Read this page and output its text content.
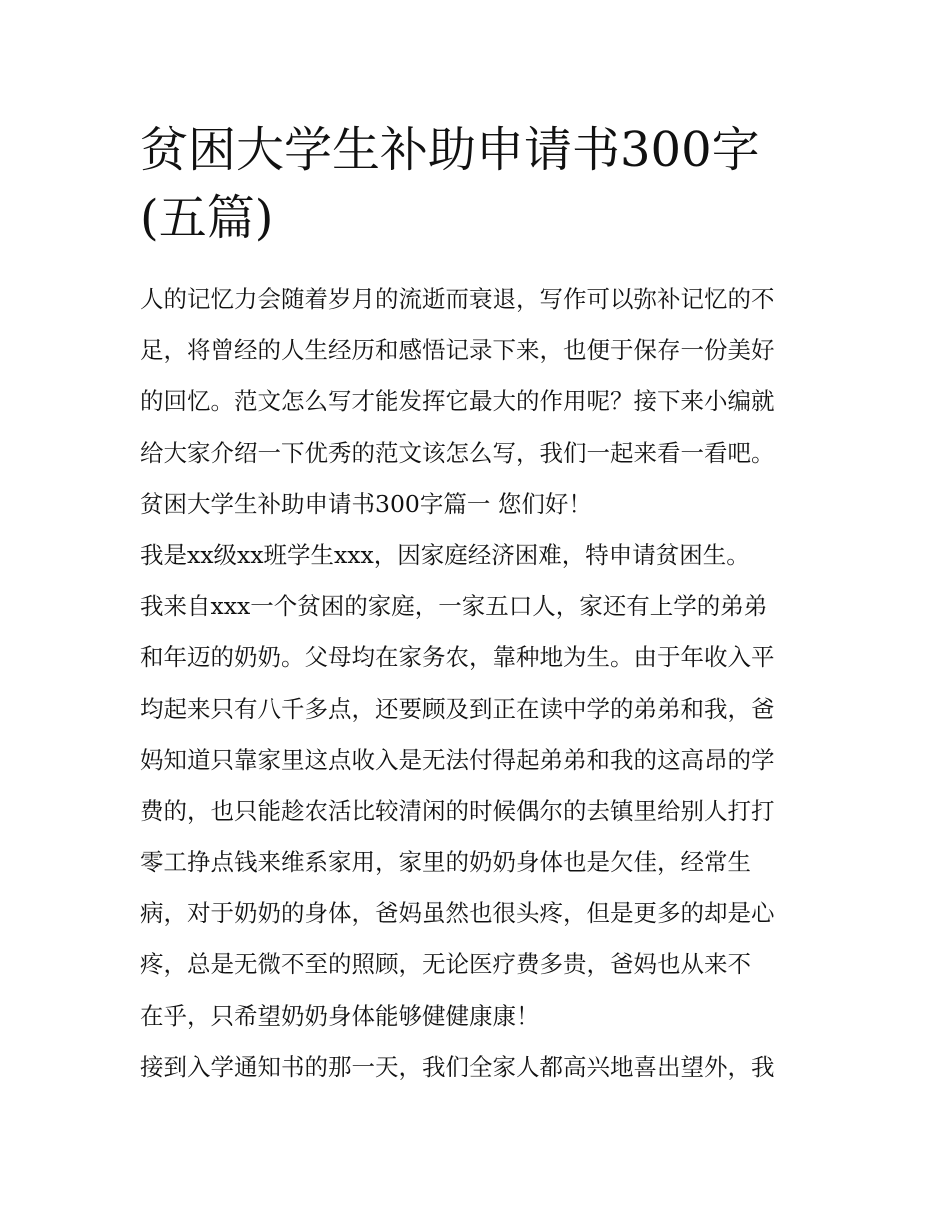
贫困大学生补助申请书300字
(五篇)
人的记忆力会随着岁月的流逝而衰退，写作可以弥补记忆的不
足，将曾经的人生经历和感悟记录下来，也便于保存一份美好
的回忆。范文怎么写才能发挥它最大的作用呢？接下来小编就
给大家介绍一下优秀的范文该怎么写，我们一起来看一看吧。
贫困大学生补助申请书300字篇一 您们好！
我是xx级xx班学生xxx，因家庭经济困难，特申请贫困生。
我来自xxx一个贫困的家庭，一家五口人，家还有上学的弟弟
和年迈的奶奶。父母均在家务农，靠种地为生。由于年收入平
均起来只有八千多点，还要顾及到正在读中学的弟弟和我，爸
妈知道只靠家里这点收入是无法付得起弟弟和我的这高昂的学
费的，也只能趁农活比较清闲的时候偶尔的去镇里给别人打打
零工挣点钱来维系家用，家里的奶奶身体也是欠佳，经常生
病，对于奶奶的身体，爸妈虽然也很头疼，但是更多的却是心
疼，总是无微不至的照顾，无论医疗费多贵，爸妈也从来不
在乎，只希望奶奶身体能够健健康康！
接到入学通知书的那一天，我们全家人都高兴地喜出望外，我
